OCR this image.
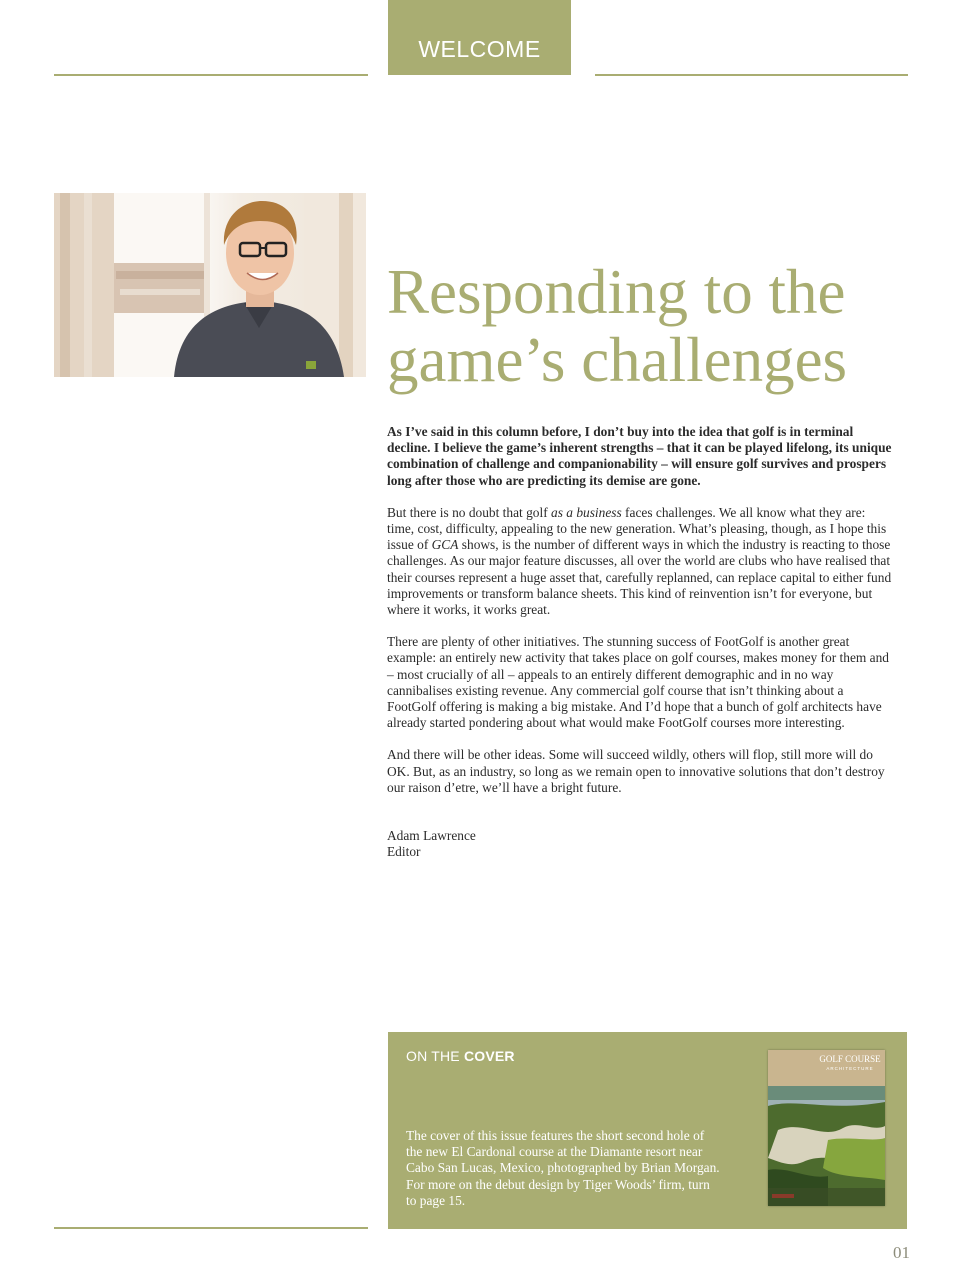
WELCOME
Responding to the game’s challenges

As I’ve said in this column before, I don’t buy into the idea that golf is in terminal decline. I believe the game’s inherent strengths – that it can be played lifelong, its unique combination of challenge and companionability – will ensure golf survives and prospers long after those who are predicting its demise are gone.

But there is no doubt that golf as a business faces challenges. We all know what they are: time, cost, difficulty, appealing to the new generation. What’s pleasing, though, as I hope this issue of GCA shows, is the number of different ways in which the industry is reacting to those challenges. As our major feature discusses, all over the world are clubs who have realised that their courses represent a huge asset that, carefully replanned, can replace capital to either fund improvements or transform balance sheets. This kind of reinvention isn’t for everyone, but where it works, it works great.

There are plenty of other initiatives. The stunning success of FootGolf is another great example: an entirely new activity that takes place on golf courses, makes money for them and – most crucially of all – appeals to an entirely different demographic and in no way cannibalises existing revenue. Any commercial golf course that isn’t thinking about a FootGolf offering is making a big mistake. And I’d hope that a bunch of golf architects have already started pondering about what would make FootGolf courses more interesting.

And there will be other ideas. Some will succeed wildly, others will flop, still more will do OK. But, as an industry, so long as we remain open to innovative solutions that don’t destroy our raison d’etre, we’ll have a bright future.

Adam Lawrence
Editor
ON THE COVER
The cover of this issue features the short second hole of the new El Cardonal course at the Diamante resort near Cabo San Lucas, Mexico, photographed by Brian Morgan. For more on the debut design by Tiger Woods’ firm, turn to page 15.
GOLF COURSE
ARCHITECTURE
01
